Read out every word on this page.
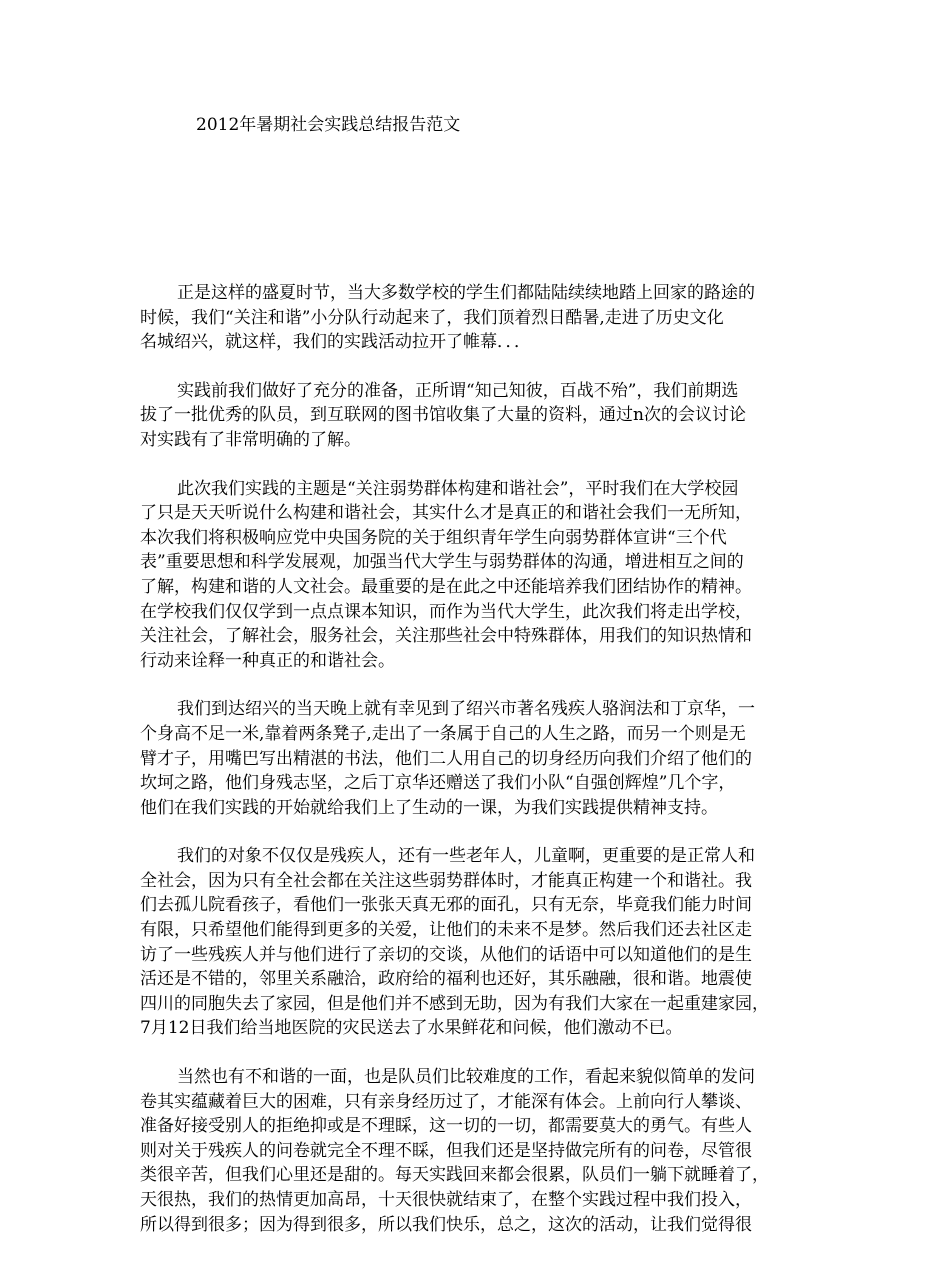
2012年暑期社会实践总结报告范文

正是这样的盛夏时节，当大多数学校的学生们都陆陆续续地踏上回家的路途的
时候，我们“关注和谐”小分队行动起来了，我们顶着烈日酷暑,走进了历史文化
名城绍兴，就这样，我们的实践活动拉开了帷幕．．．

实践前我们做好了充分的准备，正所谓“知己知彼，百战不殆”，我们前期选
拔了一批优秀的队员，到互联网的图书馆收集了大量的资料，通过n次的会议讨论
对实践有了非常明确的了解。

此次我们实践的主题是“关注弱势群体构建和谐社会”，平时我们在大学校园
了只是天天听说什么构建和谐社会，其实什么才是真正的和谐社会我们一无所知，
本次我们将积极响应党中央国务院的关于组织青年学生向弱势群体宣讲“三个代
表”重要思想和科学发展观，加强当代大学生与弱势群体的沟通，增进相互之间的
了解，构建和谐的人文社会。最重要的是在此之中还能培养我们团结协作的精神。
在学校我们仅仅学到一点点课本知识，而作为当代大学生，此次我们将走出学校，
关注社会，了解社会，服务社会，关注那些社会中特殊群体，用我们的知识热情和
行动来诠释一种真正的和谐社会。

我们到达绍兴的当天晚上就有幸见到了绍兴市著名残疾人骆润法和丁京华，一
个身高不足一米,靠着两条凳子,走出了一条属于自己的人生之路，而另一个则是无
臂才子，用嘴巴写出精湛的书法，他们二人用自己的切身经历向我们介绍了他们的
坎坷之路，他们身残志坚，之后丁京华还赠送了我们小队“自强创辉煌”几个字，
他们在我们实践的开始就给我们上了生动的一课，为我们实践提供精神支持。

我们的对象不仅仅是残疾人，还有一些老年人，儿童啊，更重要的是正常人和
全社会，因为只有全社会都在关注这些弱势群体时，才能真正构建一个和谐社。我
们去孤儿院看孩子，看他们一张张天真无邪的面孔，只有无奈，毕竟我们能力时间
有限，只希望他们能得到更多的关爱，让他们的未来不是梦。然后我们还去社区走
访了一些残疾人并与他们进行了亲切的交谈，从他们的话语中可以知道他们的是生
活还是不错的，邻里关系融洽，政府给的福利也还好，其乐融融，很和谐。地震使
四川的同胞失去了家园，但是他们并不感到无助，因为有我们大家在一起重建家园，
7月12日我们给当地医院的灾民送去了水果鲜花和问候，他们激动不已。

当然也有不和谐的一面，也是队员们比较难度的工作，看起来貌似简单的发问
卷其实蕴藏着巨大的困难，只有亲身经历过了，才能深有体会。上前向行人攀谈、
准备好接受别人的拒绝抑或是不理睬，这一切的一切，都需要莫大的勇气。有些人
则对关于残疾人的问卷就完全不理不睬，但我们还是坚持做完所有的问卷，尽管很
类很辛苦，但我们心里还是甜的。每天实践回来都会很累，队员们一躺下就睡着了，
天很热，我们的热情更加高昂，十天很快就结束了，在整个实践过程中我们投入，
所以得到很多；因为得到很多，所以我们快乐，总之，这次的活动，让我们觉得很
